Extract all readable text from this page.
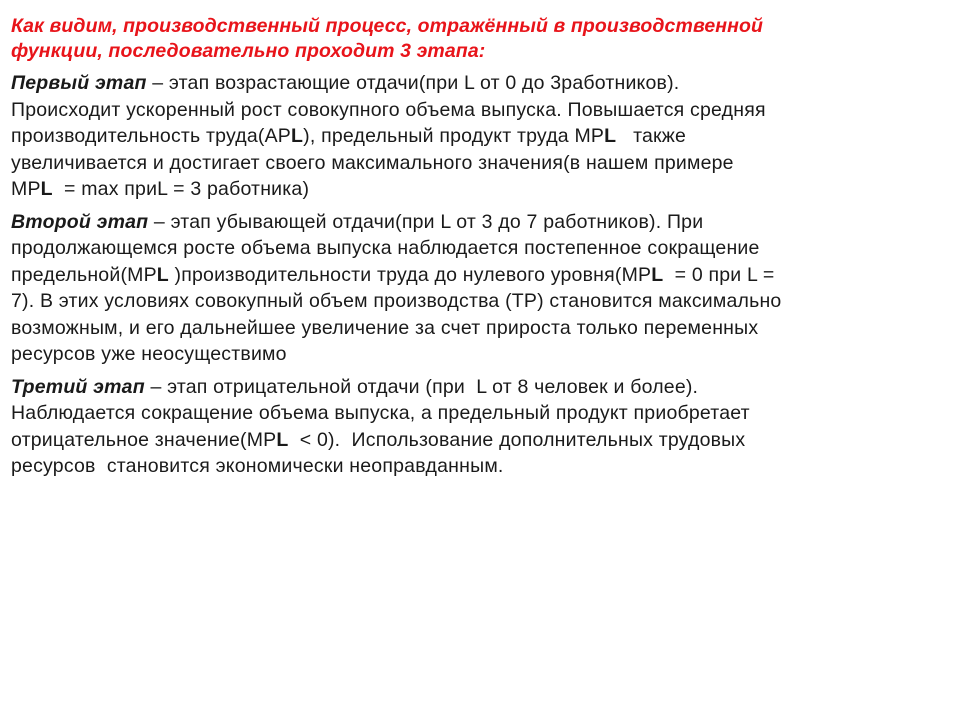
Как видим, производственный процесс, отражённый в производственной
функции, последовательно проходит 3 этапа:
Первый этап – этап возрастающие отдачи(при L от 0 до 3работников).
Происходит ускоренный рост совокупного объема выпуска. Повышается средняя
производительность труда(APL), предельный продукт труда MPL   также
увеличивается и достигает своего максимального значения(в нашем примере
MPL  = max приL = 3 работника)
Второй этап – этап убывающей отдачи(при L от 3 до 7 работников). При
продолжающемся росте объема выпуска наблюдается постепенное сокращение
предельной(MPL )производительности труда до нулевого уровня(MPL  = 0 при L =
7). В этих условиях совокупный объем производства (TP) становится максимально
возможным, и его дальнейшее увеличение за счет прироста только переменных
ресурсов уже неосуществимо
Третий этап – этап отрицательной отдачи (при  L от 8 человек и более).
Наблюдается сокращение объема выпуска, а предельный продукт приобретает
отрицательное значение(MPL  < 0).  Использование дополнительных трудовых
ресурсов  становится экономически неоправданным.
